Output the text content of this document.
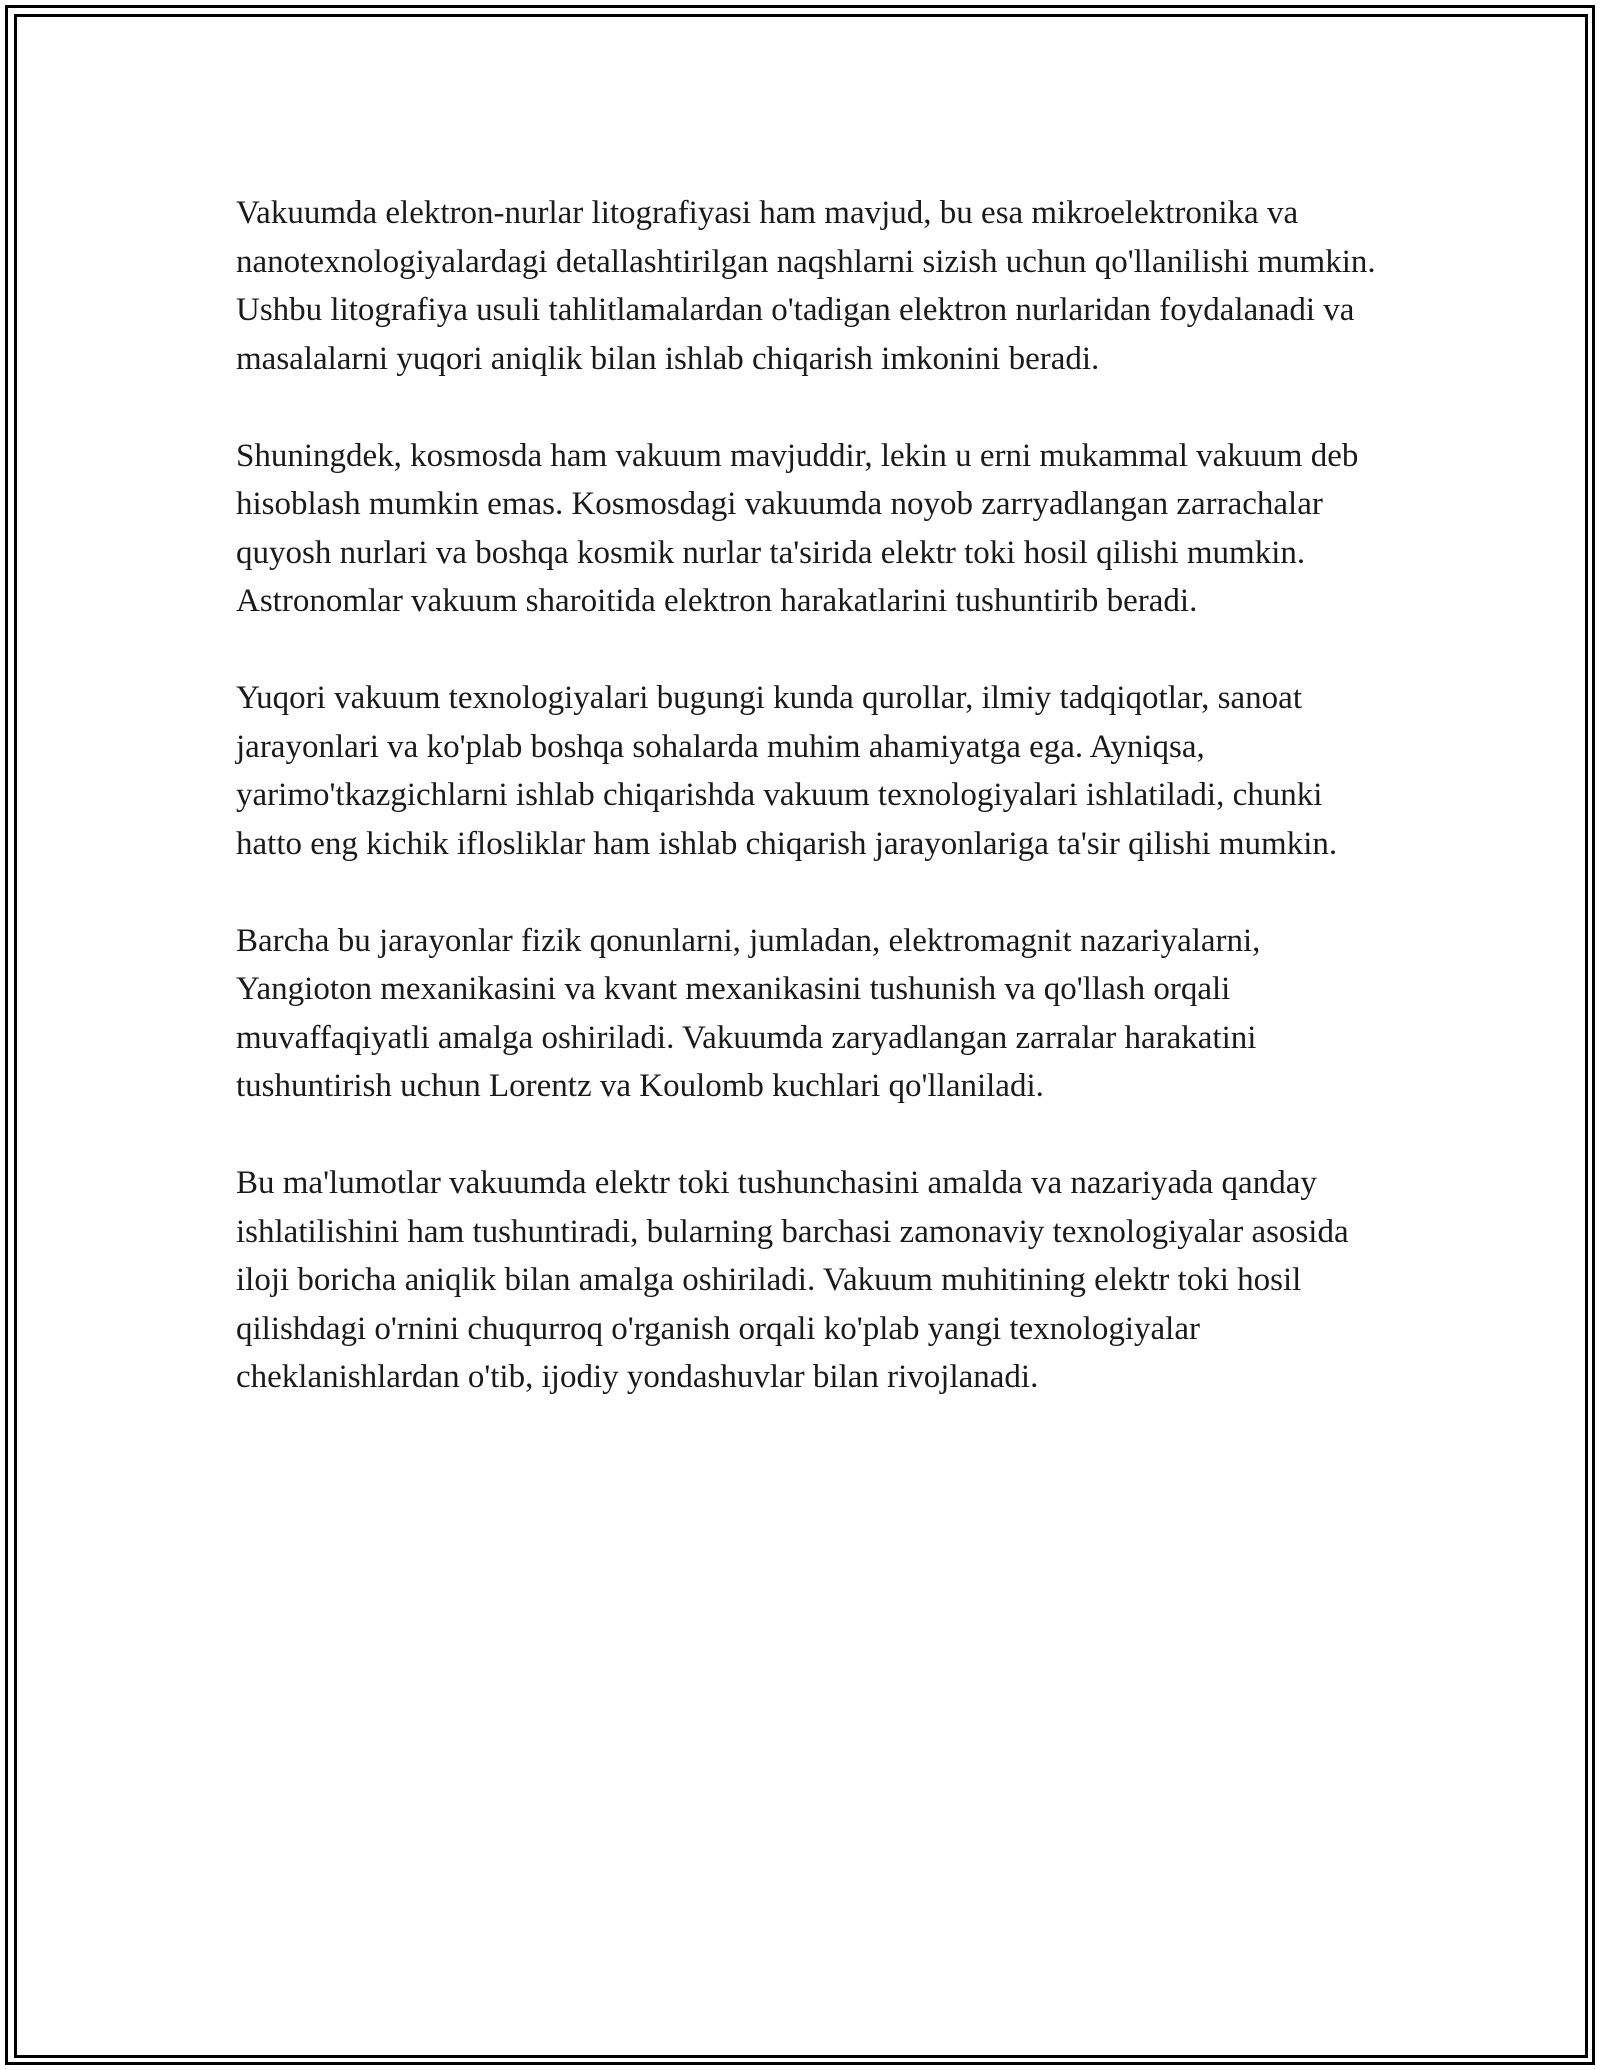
Vakuumda elektron-nurlar litografiyasi ham mavjud, bu esa mikroelektronika va nanotexnologiyalardagi detallashtirilgan naqshlarni sizish uchun qo'llanilishi mumkin. Ushbu litografiya usuli tahlitlamalardan o'tadigan elektron nurlaridan foydalanadi va masalalarni yuqori aniqlik bilan ishlab chiqarish imkonini beradi.

Shuningdek, kosmosda ham vakuum mavjuddir, lekin u erni mukammal vakuum deb hisoblash mumkin emas. Kosmosdagi vakuumda noyob zarryadlangan zarrachalar quyosh nurlari va boshqa kosmik nurlar ta'sirida elektr toki hosil qilishi mumkin. Astronomlar vakuum sharoitida elektron harakatlarini tushuntirib beradi.

Yuqori vakuum texnologiyalari bugungi kunda qurollar, ilmiy tadqiqotlar, sanoat jarayonlari va ko'plab boshqa sohalarda muhim ahamiyatga ega. Ayniqsa, yarimo'tkazgichlarni ishlab chiqarishda vakuum texnologiyalari ishlatiladi, chunki hatto eng kichik ifloslikl​ar ham ishlab chiqarish jarayonlariga ta'sir qilishi mumkin.

Barcha bu jarayonlar fizik qonunlarni, jumladan, elektromagnit nazariyalarni, Yangioton mexanikasini va kvant mexanikasini tushunish va qo'llash orqali muvaffaqiyatli amalga oshiriladi. Vakuumda zaryadlangan zarralar harakatini tushuntirish uchun Lorentz va Koulomb kuchlari qo'llaniladi.

Bu ma'lumotlar vakuumda elektr toki tushunchasini amalda va nazariyada qanday ishlatilishini ham tushuntiradi, bularning barchasi zamonaviy texnologiyalar asosida iloji boricha aniqlik bilan amalga oshiriladi. Vakuum muhitining elektr toki hosil qilishdagi o'rnini chuqurroq o'rganish orqali ko'plab yangi texnologiyalar cheklanishlardan o'tib, ijodiy yondashuvlar bilan rivojlanadi.
